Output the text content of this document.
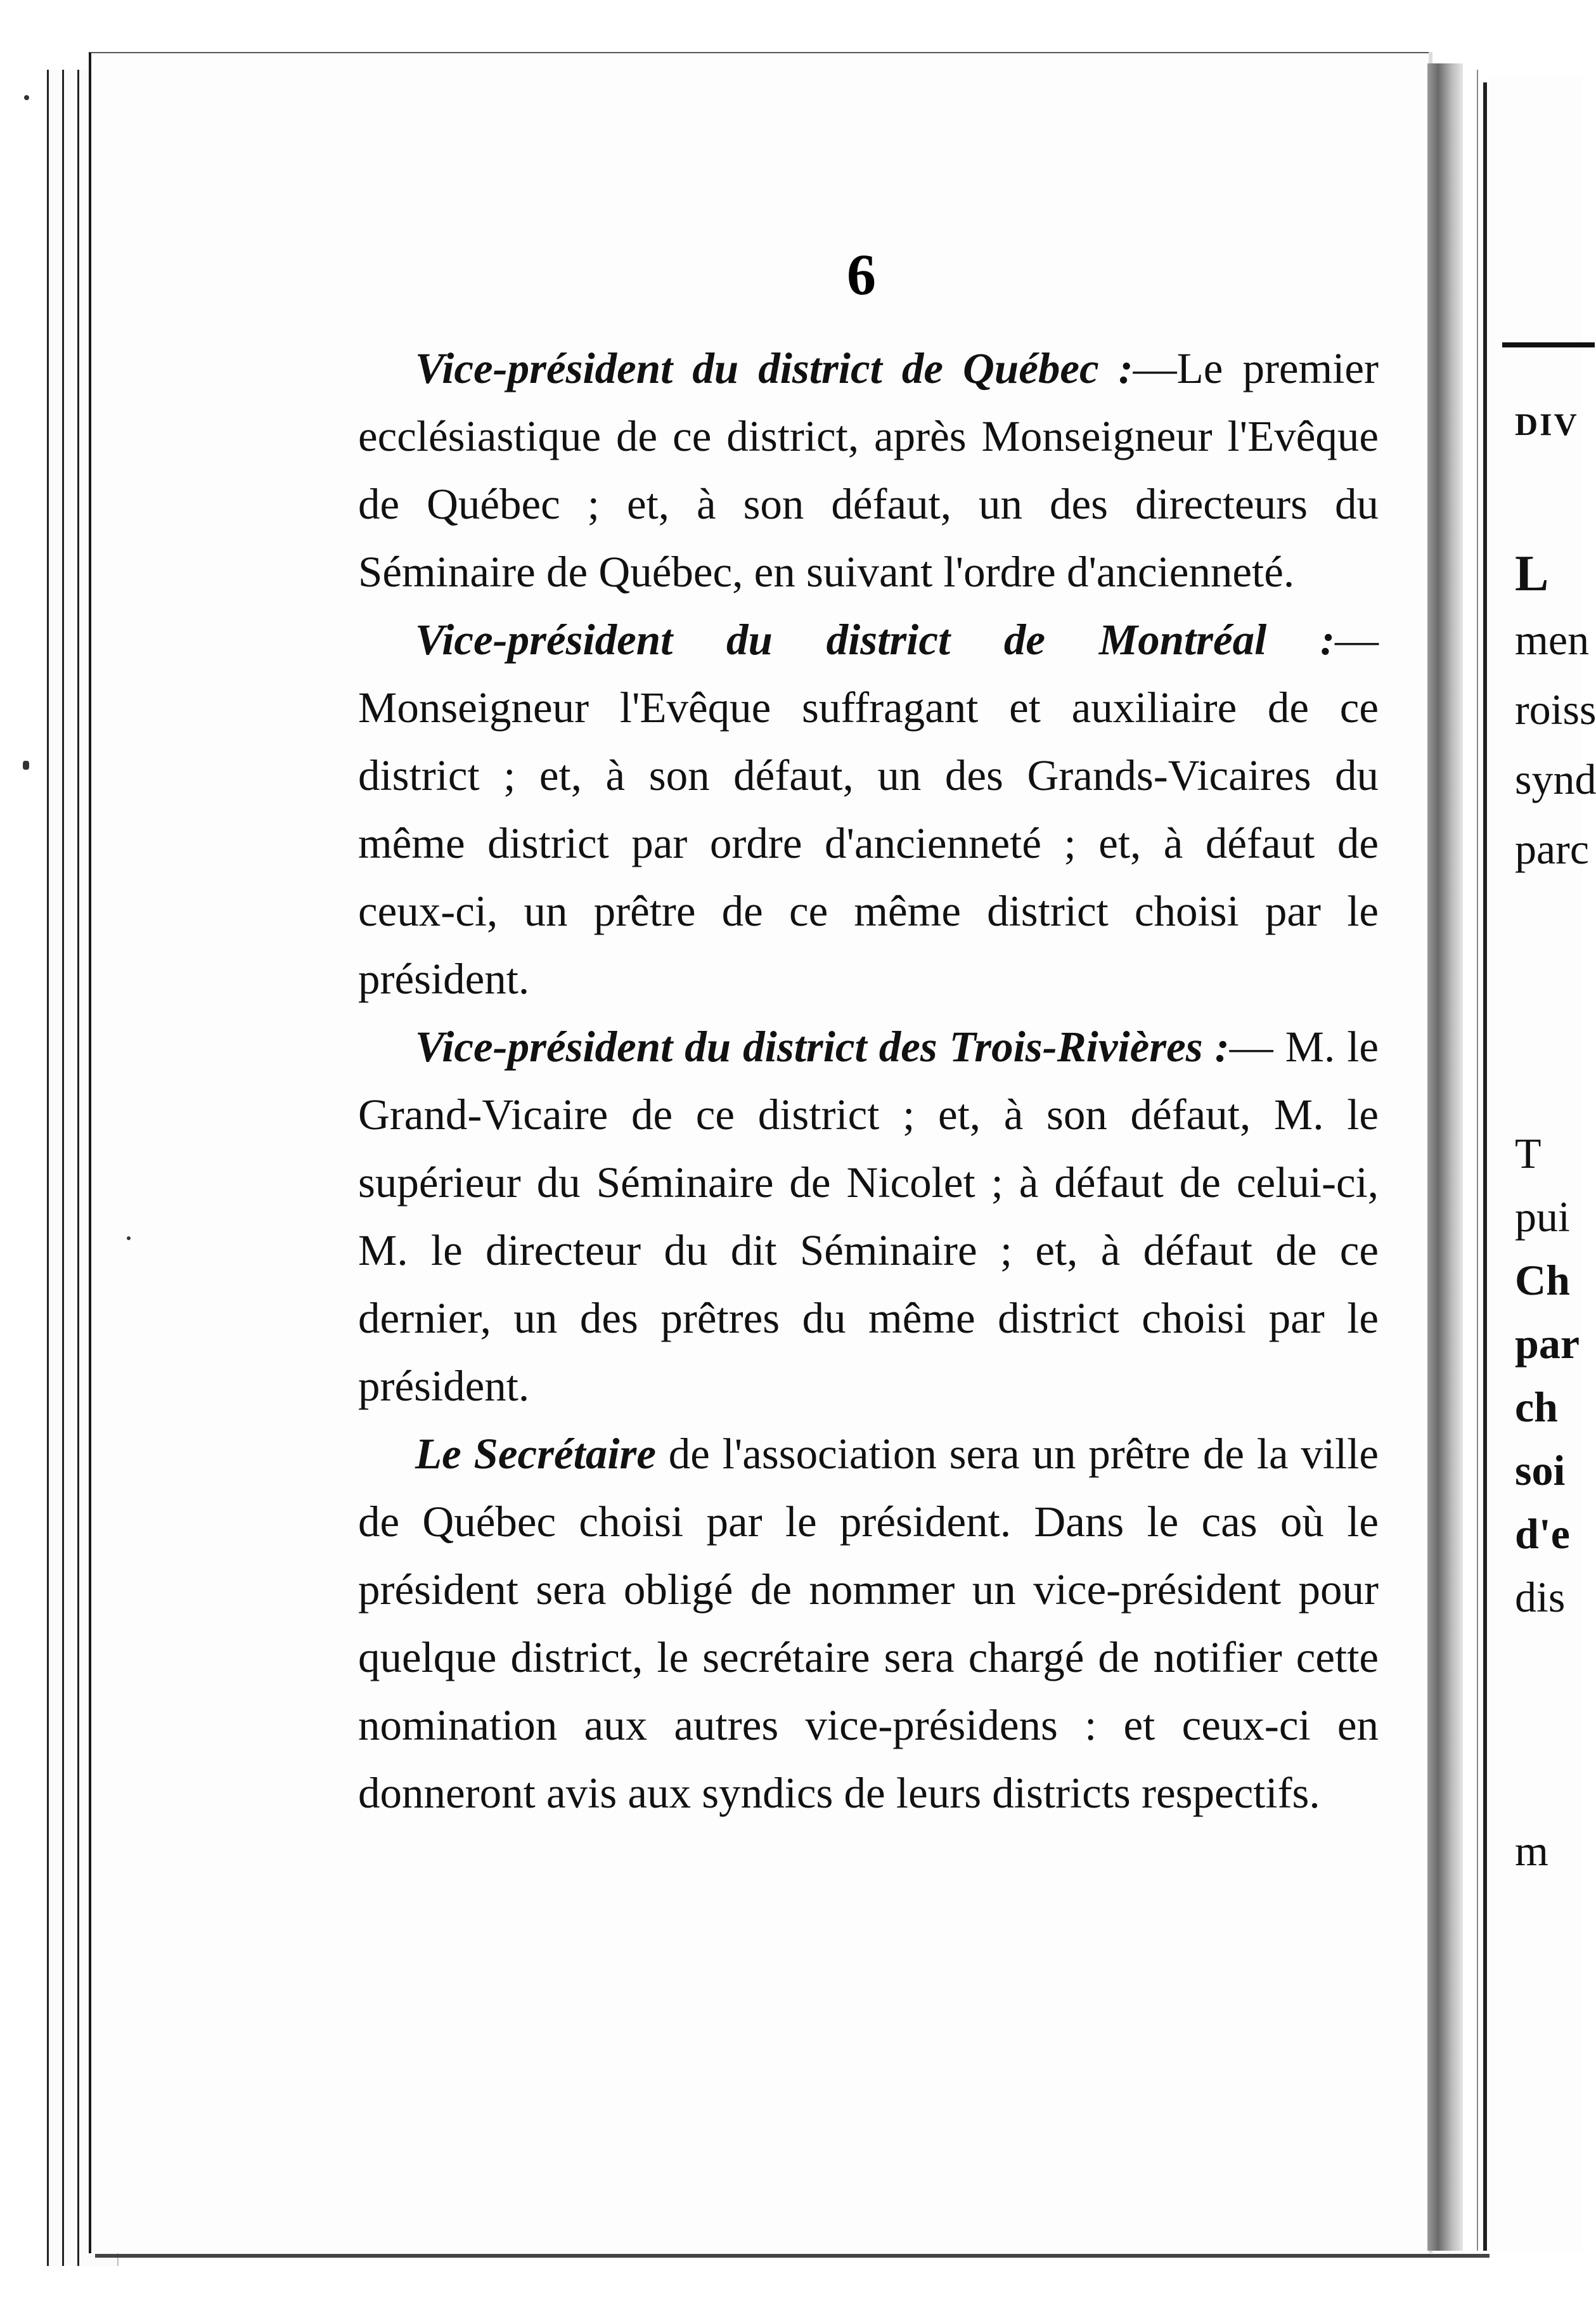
6

Vice-président du district de Québec :—Le premier ecclésiastique de ce district, après Monseigneur l'Evêque de Québec ; et, à son défaut, un des directeurs du Séminaire de Québec, en suivant l'ordre d'ancienneté.

Vice-président du district de Montréal :—Monseigneur l'Evêque suffragant et auxiliaire de ce district ; et, à son défaut, un des Grands-Vicaires du même district par ordre d'ancienneté ; et, à défaut de ceux-ci, un prêtre de ce même district choisi par le président.

Vice-président du district des Trois-Rivières :— M. le Grand-Vicaire de ce district ; et, à son défaut, M. le supérieur du Séminaire de Nicolet ; à défaut de celui-ci, M. le directeur du dit Séminaire ; et, à défaut de ce dernier, un des prêtres du même district choisi par le président.

Le Secrétaire de l'association sera un prêtre de la ville de Québec choisi par le président. Dans le cas où le président sera obligé de nommer un vice-président pour quelque district, le secrétaire sera chargé de notifier cette nomination aux autres vice-présidens : et ceux-ci en donneront avis aux syndics de leurs districts respectifs.

DIV
L
men
roiss
synd
parc
T
pui
Ch
par
ch
soi
d'e
dis
m
